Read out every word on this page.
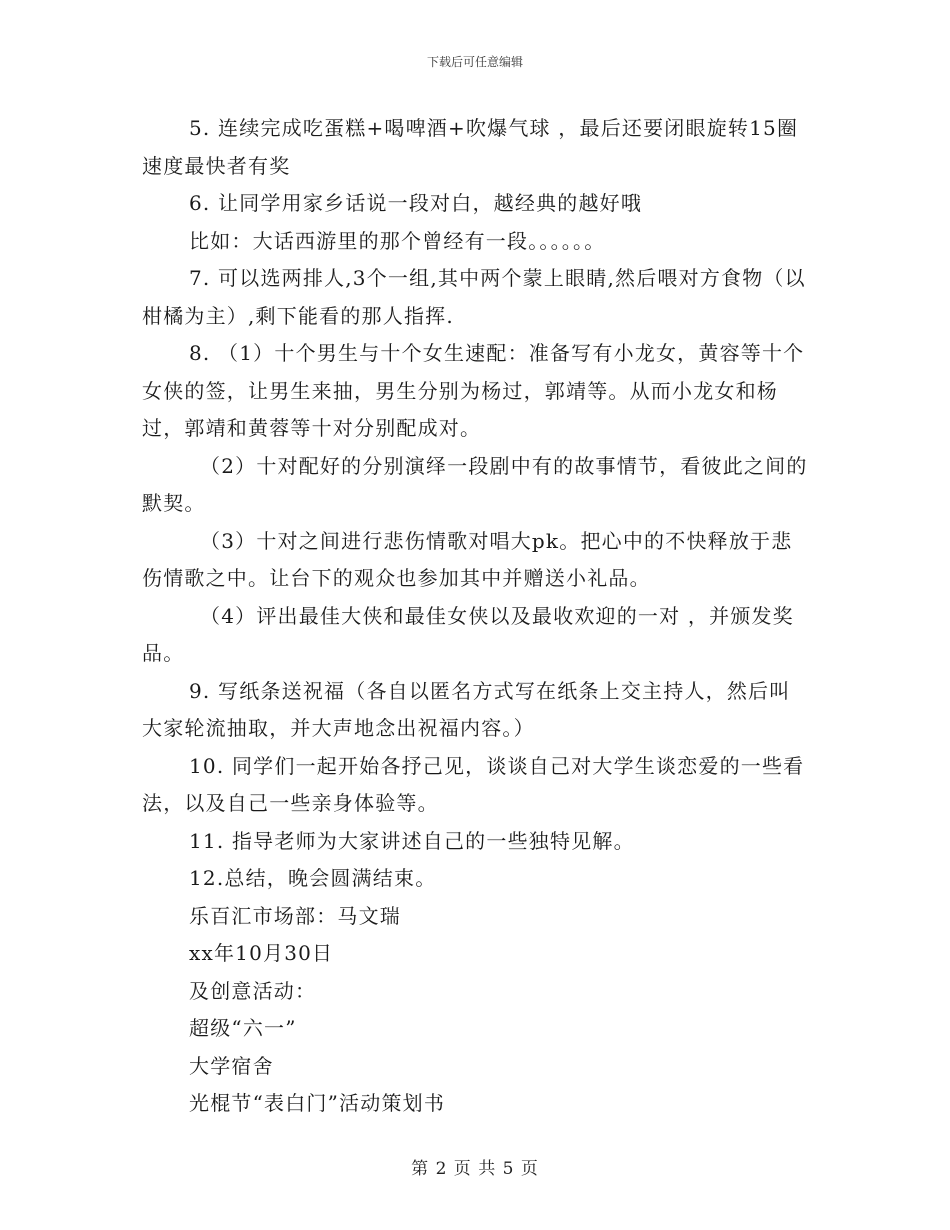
下载后可任意编辑

5. 连续完成吃蛋糕+喝啤酒+吹爆气球 ，最后还要闭眼旋转15圈速度最快者有奖

6. 让同学用家乡话说一段对白，越经典的越好哦

比如：大话西游里的那个曾经有一段。。。。。。

7. 可以选两排人,3个一组,其中两个蒙上眼睛,然后喂对方食物（以柑橘为主）,剩下能看的那人指挥.

8. （1）十个男生与十个女生速配：准备写有小龙女，黄容等十个女侠的签，让男生来抽，男生分别为杨过，郭靖等。从而小龙女和杨过，郭靖和黄蓉等十对分别配成对。

（2）十对配好的分别演绎一段剧中有的故事情节，看彼此之间的默契。

（3）十对之间进行悲伤情歌对唱大pk。把心中的不快释放于悲伤情歌之中。让台下的观众也参加其中并赠送小礼品。

（4）评出最佳大侠和最佳女侠以及最收欢迎的一对 ，并颁发奖品。

9. 写纸条送祝福（各自以匿名方式写在纸条上交主持人，然后叫大家轮流抽取，并大声地念出祝福内容。）

10. 同学们一起开始各抒己见，谈谈自己对大学生谈恋爱的一些看法，以及自己一些亲身体验等。

11. 指导老师为大家讲述自己的一些独特见解。

12.总结，晚会圆满结束。

乐百汇市场部：马文瑞

xx年10月30日

及创意活动：

超级“六一”

大学宿舍

光棍节“表白门”活动策划书

第 2 页 共 5 页
